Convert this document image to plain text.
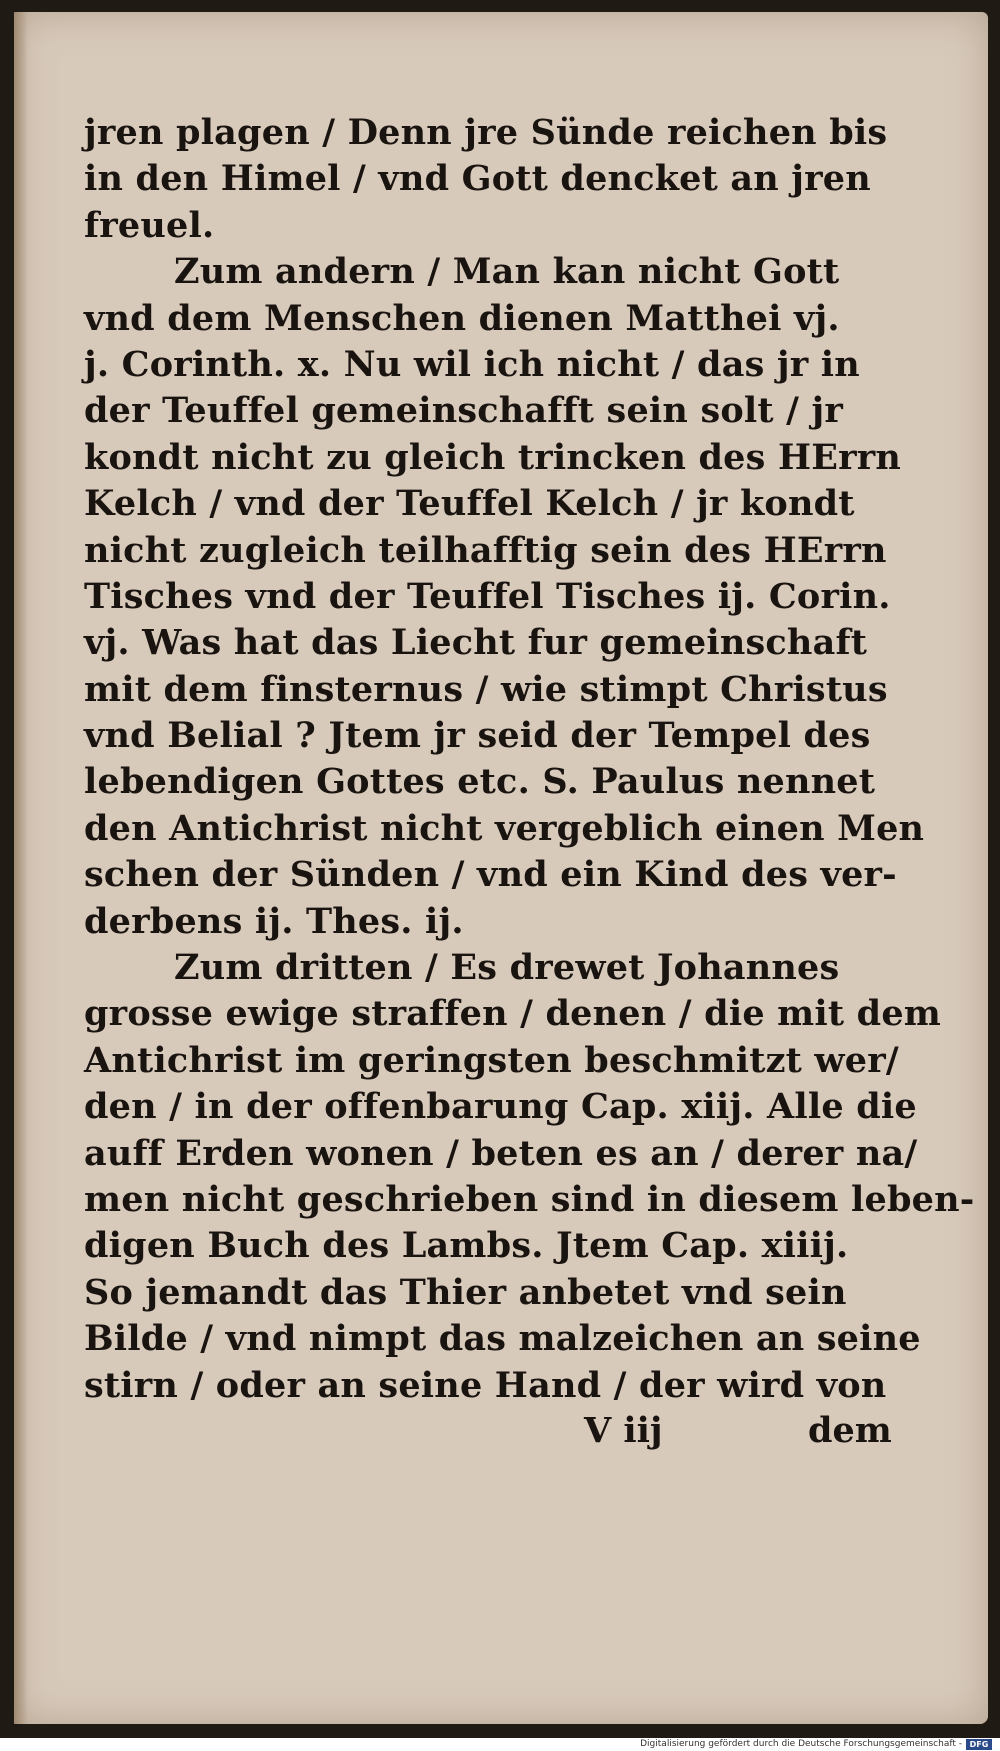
jren plagen / Denn jre Sünde reichen bis
in den Himel / vnd Gott dencket an jren
freuel.
Zum andern / Man kan nicht Gott
vnd dem Menschen dienen Matthei vj.
j. Corinth. x. Nu wil ich nicht / das jr in
der Teuffel gemeinschafft sein solt / jr
kondt nicht zu gleich trincken des HErrn
Kelch / vnd der Teuffel Kelch / jr kondt
nicht zugleich teilhafftig sein des HErrn
Tisches vnd der Teuffel Tisches ij. Corin.
vj. Was hat das Liecht fur gemeinschaft
mit dem finsternus / wie stimpt Christus
vnd Belial ? Jtem jr seid der Tempel des
lebendigen Gottes etc. S. Paulus nennet
den Antichrist nicht vergeblich einen Men
schen der Sünden / vnd ein Kind des ver-
derbens ij. Thes. ij.
Zum dritten / Es drewet Johannes
grosse ewige straffen / denen / die mit dem
Antichrist im geringsten beschmitzt wer/
den / in der offenbarung Cap. xiij. Alle die
auff Erden wonen / beten es an / derer na/
men nicht geschrieben sind in diesem leben-
digen Buch des Lambs. Jtem Cap. xiiij.
So jemandt das Thier anbetet vnd sein
Bilde / vnd nimpt das malzeichen an seine
stirn / oder an seine Hand / der wird von
V iij	dem
Digitalisierung gefördert durch die Deutsche Forschungsgemeinschaft - DFG
